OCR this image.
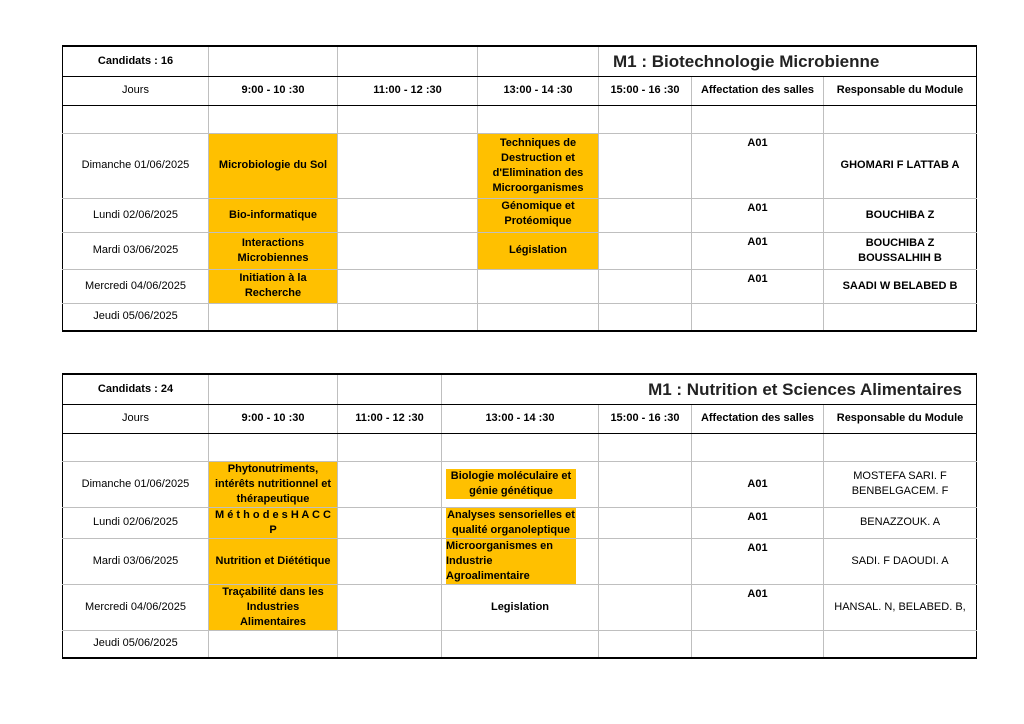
Candidats : 16				M1 : Biotechnologie Microbienne		
Jours	9:00 - 10 :30	11:00 - 12 :30	13:00 - 14 :30	15:00 - 16 :30	Affectation des salles	Responsable du Module

Dimanche 01/06/2025	Microbiologie du Sol		Techniques de Destruction et d'Elimination des Microorganismes		A01	GHOMARI F LATTAB A
Lundi 02/06/2025	Bio-informatique		Génomique et Protéomique		A01	BOUCHIBA Z
Mardi 03/06/2025	Interactions Microbiennes		Législation		A01	BOUCHIBA Z BOUSSALHIH B
Mercredi 04/06/2025	Initiation à la Recherche				A01	SAADI W BELABED B
Jeudi 05/06/2025						
Candidats : 24			M1 : Nutrition et Sciences Alimentaires			
Jours	9:00 - 10 :30	11:00 - 12 :30	13:00 - 14 :30	15:00 - 16 :30	Affectation des salles	Responsable du Module

Dimanche 01/06/2025	Phytonutriments, intérêts nutritionnel et thérapeutique		Biologie moléculaire et génie génétique		A01	MOSTEFA SARI. F BENBELGACEM. F
Lundi 02/06/2025	M é t h o d e s H A C C P		Analyses sensorielles et qualité organoleptique		A01	BENAZZOUK. A
Mardi 03/06/2025	Nutrition et Diététique		Microorganismes en Industrie Agroalimentaire		A01	SADI. F DAOUDI. A
Mercredi 04/06/2025	Traçabilité dans les Industries Alimentaires		Legislation		A01	HANSAL. N, BELABED. B,
Jeudi 05/06/2025						
